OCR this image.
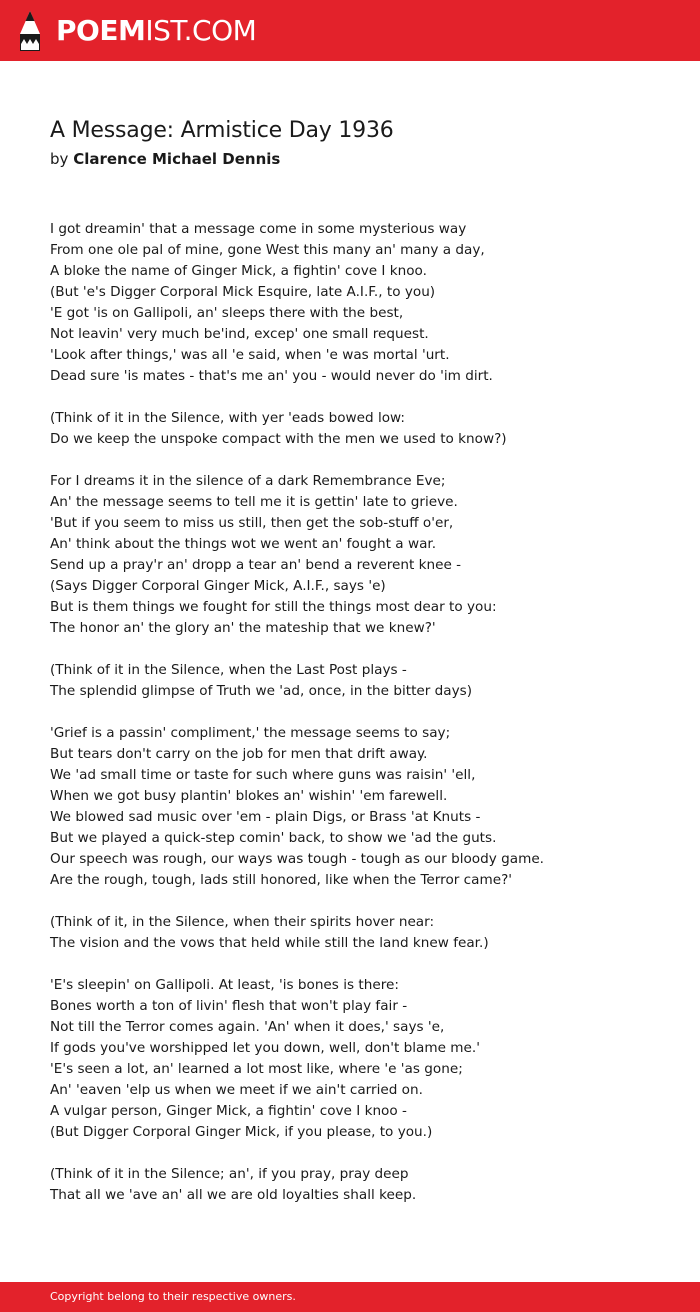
POEMIST.COM
A Message: Armistice Day 1936
by Clarence Michael Dennis
I got dreamin' that a message come in some mysterious way
From one ole pal of mine, gone West this many an' many a day,
A bloke the name of Ginger Mick, a fightin' cove I knoo.
(But 'e's Digger Corporal Mick Esquire, late A.I.F., to you)
'E got 'is on Gallipoli, an' sleeps there with the best,
Not leavin' very much be'ind, excep' one small request.
'Look after things,' was all 'e said, when 'e was mortal 'urt.
Dead sure 'is mates - that's me an' you - would never do 'im dirt.
(Think of it in the Silence, with yer 'eads bowed low:
Do we keep the unspoke compact with the men we used to know?)
For I dreams it in the silence of a dark Remembrance Eve;
An' the message seems to tell me it is gettin' late to grieve.
'But if you seem to miss us still, then get the sob-stuff o'er,
An' think about the things wot we went an' fought a war.
Send up a pray'r an' dropp a tear an' bend a reverent knee -
(Says Digger Corporal Ginger Mick, A.I.F., says 'e)
But is them things we fought for still the things most dear to you:
The honor an' the glory an' the mateship that we knew?'
(Think of it in the Silence, when the Last Post plays -
The splendid glimpse of Truth we 'ad, once, in the bitter days)
'Grief is a passin' compliment,' the message seems to say;
But tears don't carry on the job for men that drift away.
We 'ad small time or taste for such where guns was raisin' 'ell,
When we got busy plantin' blokes an' wishin' 'em farewell.
We blowed sad music over 'em - plain Digs, or Brass 'at Knuts -
But we played a quick-step comin' back, to show we 'ad the guts.
Our speech was rough, our ways was tough - tough as our bloody game.
Are the rough, tough, lads still honored, like when the Terror came?'
(Think of it, in the Silence, when their spirits hover near:
The vision and the vows that held while still the land knew fear.)
'E's sleepin' on Gallipoli. At least, 'is bones is there:
Bones worth a ton of livin' flesh that won't play fair -
Not till the Terror comes again. 'An' when it does,' says 'e,
If gods you've worshipped let you down, well, don't blame me.'
'E's seen a lot, an' learned a lot most like, where 'e 'as gone;
An' 'eaven 'elp us when we meet if we ain't carried on.
A vulgar person, Ginger Mick, a fightin' cove I knoo -
(But Digger Corporal Ginger Mick, if you please, to you.)
(Think of it in the Silence; an', if you pray, pray deep
That all we 'ave an' all we are old loyalties shall keep.
Copyright belong to their respective owners.
